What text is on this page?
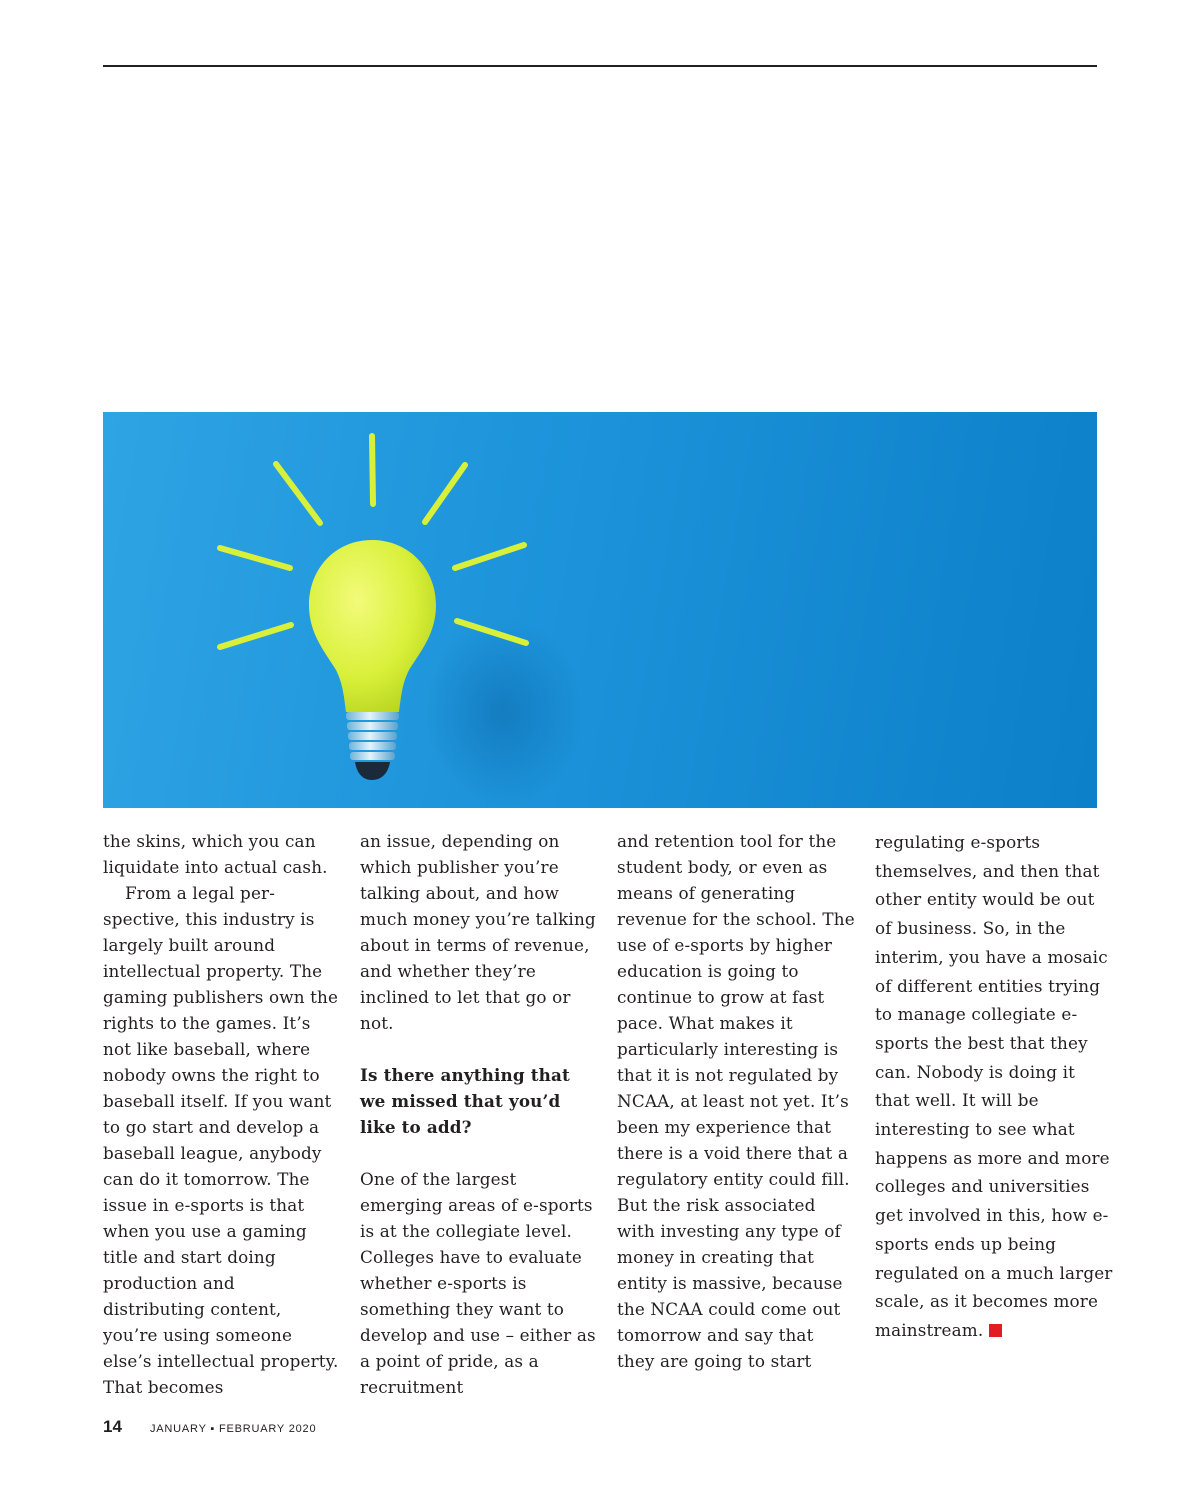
the skins, which you can liquidate into actual cash.

From a legal per-spective, this industry is largely built around intellectual property. The gaming publishers own the rights to the games. It’s not like baseball, where nobody owns the right to baseball itself. If you want to go start and develop a baseball league, anybody can do it tomorrow. The issue in e-sports is that when you use a gaming title and start doing production and distributing content, you’re using someone else’s intellectual property. That becomes

an issue, depending on which publisher you’re talking about, and how much money you’re talking about in terms of revenue, and whether they’re inclined to let that go or not.

Is there anything that we missed that you’d like to add?

One of the largest emerging areas of e-sports is at the collegiate level. Colleges have to evaluate whether e-sports is something they want to develop and use – either as a point of pride, as a recruitment

and retention tool for the student body, or even as means of generating revenue for the school. The use of e-sports by higher education is going to continue to grow at fast pace. What makes it particularly interesting is that it is not regulated by NCAA, at least not yet. It’s been my experience that there is a void there that a regulatory entity could fill. But the risk associated with investing any type of money in creating that entity is massive, because the NCAA could come out tomorrow and say that they are going to start

regulating e-sports themselves, and then that other entity would be out of business. So, in the interim, you have a mosaic of different entities trying to manage collegiate e-sports the best that they can. Nobody is doing it that well. It will be interesting to see what happens as more and more colleges and universities get involved in this, how e-sports ends up being regulated on a much larger scale, as it becomes more mainstream.

14	JANUARY ▪ FEBRUARY 2020
